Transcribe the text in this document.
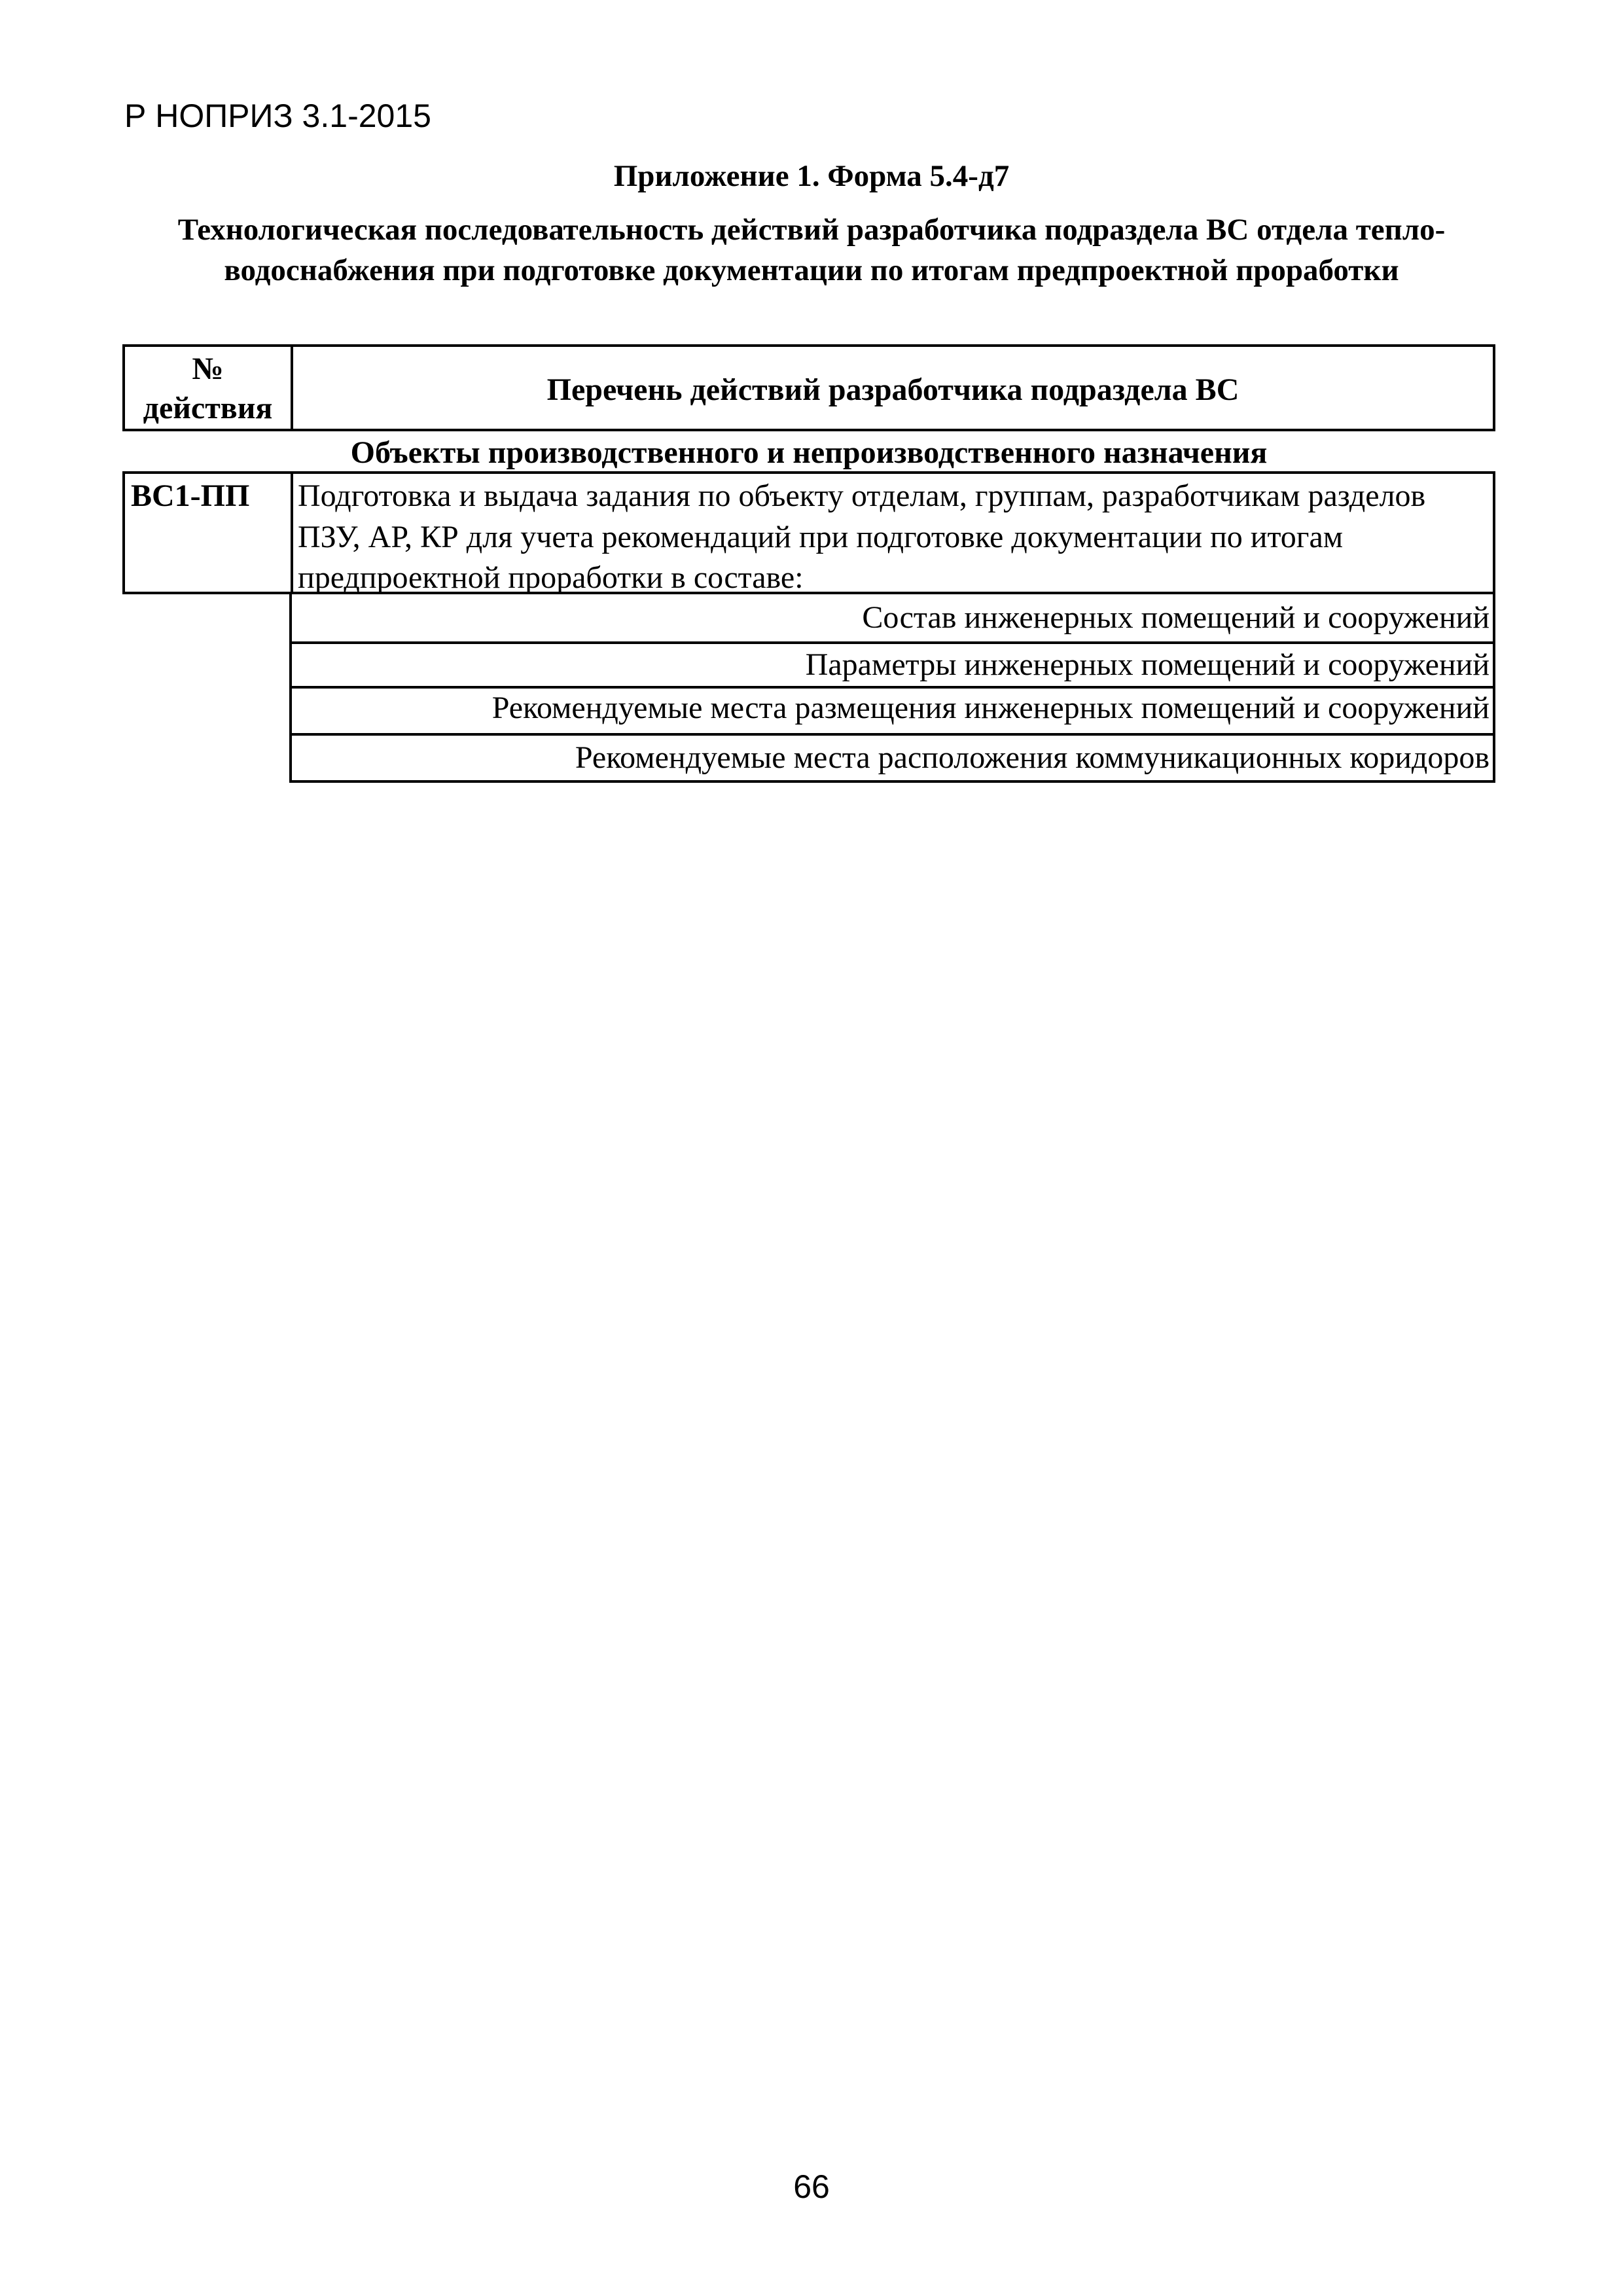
Р НОПРИЗ 3.1-2015
Приложение 1. Форма 5.4-д7
Технологическая последовательность действий разработчика подраздела ВС отдела тепло-
водоснабжения при подготовке документации по итогам предпроектной проработки
№
действия
Перечень действий разработчика подраздела ВС
Объекты производственного и непроизводственного назначения
ВС1-ПП Подготовка и выдача задания по объекту отделам, группам, разработчикам разделов
ПЗУ, АР, КР для учета рекомендаций при подготовке документации по итогам
предпроектной проработки в составе:
Состав инженерных помещений и сооружений
Параметры инженерных помещений и сооружений
Рекомендуемые места размещения инженерных помещений и сооружений
Рекомендуемые места расположения коммуникационных коридоров
66
